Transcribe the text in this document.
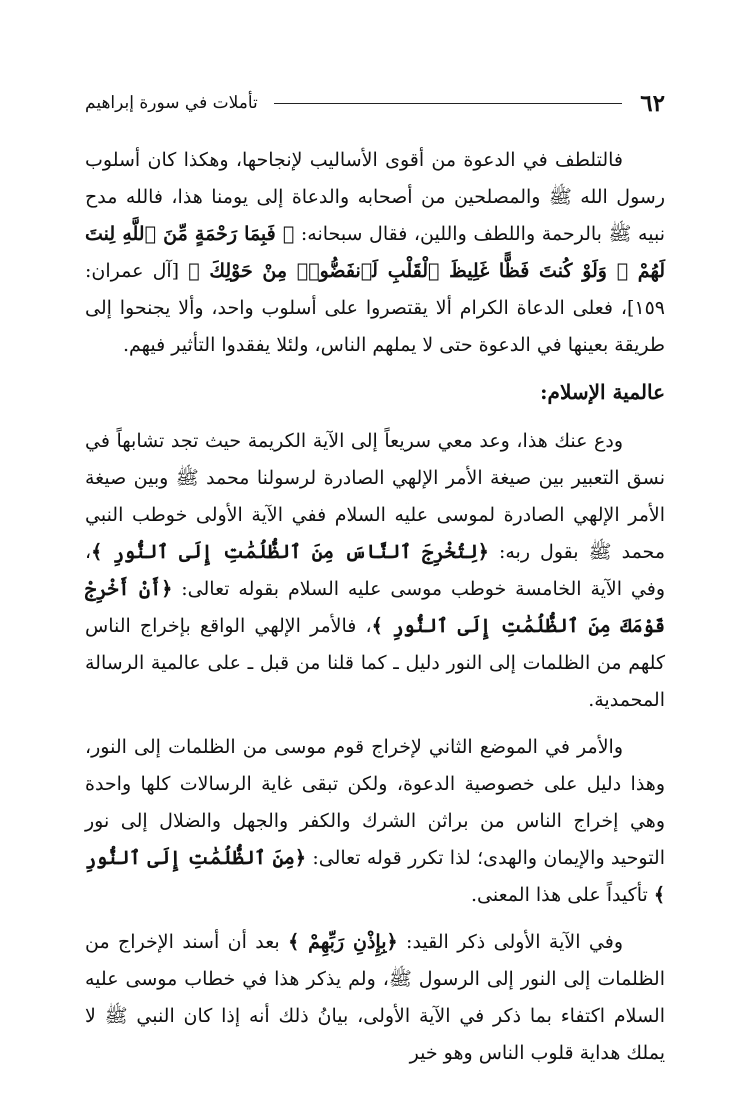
٦٢
تأملات في سورة إبراهيم

فالتلطف في الدعوة من أقوى الأساليب لإنجاحها، وهكذا كان أسلوب رسول الله ﷺ والمصلحين من أصحابه والدعاة إلى يومنا هذا، فالله مدح نبيه ﷺ بالرحمة واللطف واللين، فقال سبحانه: ﴿ فَبِمَا رَحْمَةٍ مِّنَ ٱللَّهِ لِنتَ لَهُمْ ۖ وَلَوْ كُنتَ فَظًّا غَلِيظَ ٱلْقَلْبِ لَٱنفَضُّوا۟ مِنْ حَوْلِكَ ﴾ [آل عمران: ١٥٩]، فعلى الدعاة الكرام ألا يقتصروا على أسلوب واحد، وألا يجنحوا إلى طريقة بعينها في الدعوة حتى لا يملهم الناس، ولئلا يفقدوا التأثير فيهم.

عالمية الإسلام:

ودع عنك هذا، وعد معي سريعاً إلى الآية الكريمة حيث تجد تشابهاً في نسق التعبير بين صيغة الأمر الإلهي الصادرة لرسولنا محمد ﷺ وبين صيغة الأمر الإلهي الصادرة لموسى عليه السلام ففي الآية الأولى خوطب النبي محمد ﷺ بقول ربه: ﴿لِتُخْرِجَ ٱلنَّاسَ مِنَ ٱلظُّلُمَٰتِ إِلَى ٱلنُّورِ ﴾، وفي الآية الخامسة خوطب موسى عليه السلام بقوله تعالى: ﴿أَنْ أَخْرِجْ قَوْمَكَ مِنَ ٱلظُّلُمَٰتِ إِلَى ٱلنُّورِ ﴾، فالأمر الإلهي الواقع بإخراج الناس كلهم من الظلمات إلى النور دليل ـ كما قلنا من قبل ـ على عالمية الرسالة المحمدية.

والأمر في الموضع الثاني لإخراج قوم موسى من الظلمات إلى النور، وهذا دليل على خصوصية الدعوة، ولكن تبقى غاية الرسالات كلها واحدة وهي إخراج الناس من براثن الشرك والكفر والجهل والضلال إلى نور التوحيد والإيمان والهدى؛ لذا تكرر قوله تعالى: ﴿مِنَ ٱلظُّلُمَٰتِ إِلَى ٱلنُّورِ ﴾ تأكيداً على هذا المعنى.

وفي الآية الأولى ذكر القيد: ﴿بِإِذْنِ رَبِّهِمْ ﴾ بعد أن أسند الإخراج من الظلمات إلى النور إلى الرسول ﷺ، ولم يذكر هذا في خطاب موسى عليه السلام اكتفاء بما ذكر في الآية الأولى، بيانُ ذلك أنه إذا كان النبي ﷺ لا يملك هداية قلوب الناس وهو خير
